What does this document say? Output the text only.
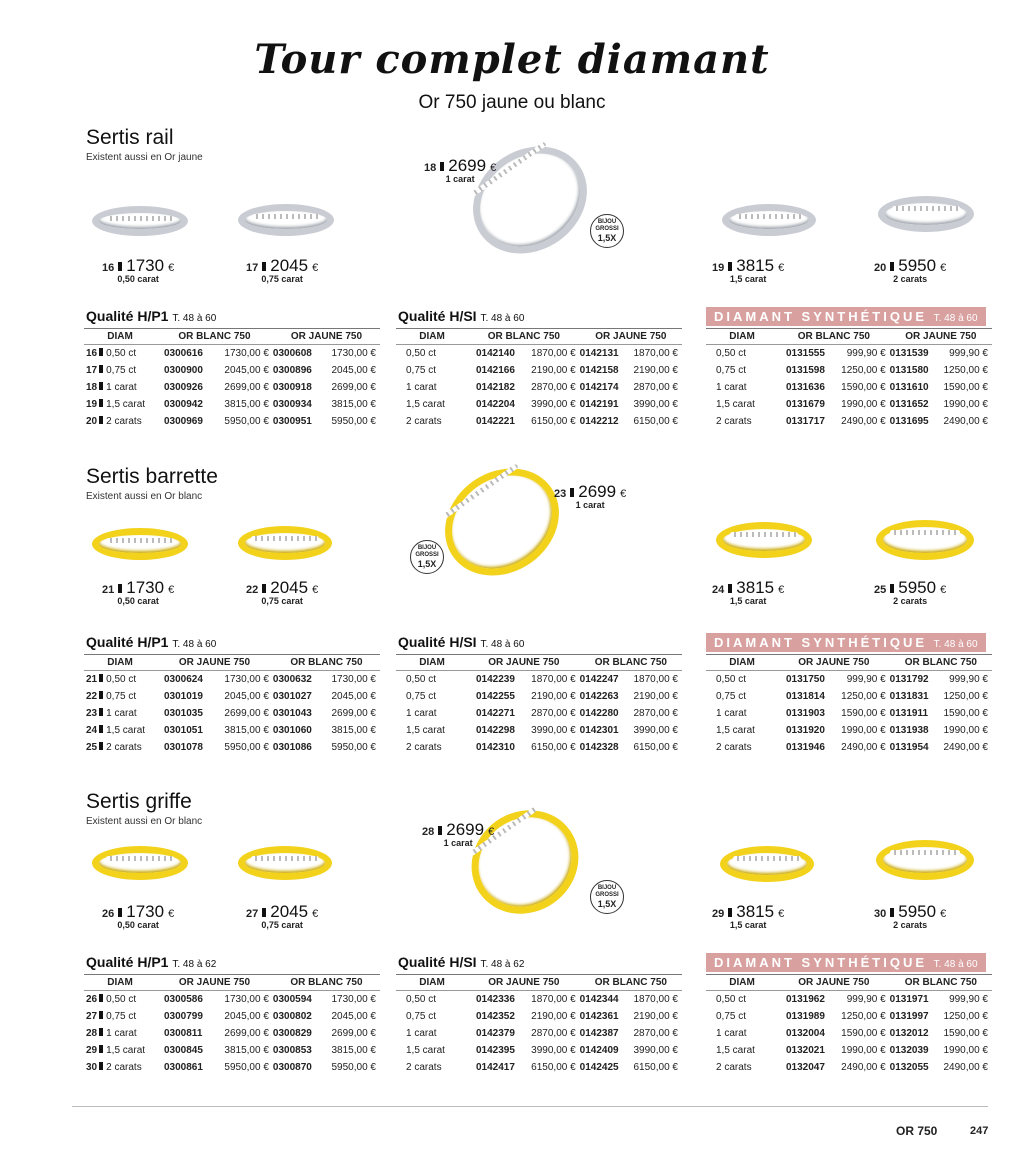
Tour complet diamant
Or 750 jaune ou blanc
Sertis rail
Existent aussi en Or jaune
16 1730 €
0,50 carat
17 2045 €
0,75 carat
18 2699 €
1 carat
19 3815 €
1,5 carat
20 5950 €
2 carats
BIJOU
GROSSI
1,5X
Qualité H/P1 T. 48 à 60
DIAM	OR BLANC 750		OR JAUNE 750	
16 0,50 ct	0300616	1730,00 €	0300608	1730,00 €
17 0,75 ct	0300900	2045,00 €	0300896	2045,00 €
18 1 carat	0300926	2699,00 €	0300918	2699,00 €
19 1,5 carat	0300942	3815,00 €	0300934	3815,00 €
20 2 carats	0300969	5950,00 €	0300951	5950,00 €
Qualité H/SI T. 48 à 60
DIAM	OR BLANC 750		OR JAUNE 750	
0,50 ct	0142140	1870,00 €	0142131	1870,00 €
0,75 ct	0142166	2190,00 €	0142158	2190,00 €
1 carat	0142182	2870,00 €	0142174	2870,00 €
1,5 carat	0142204	3990,00 €	0142191	3990,00 €
2 carats	0142221	6150,00 €	0142212	6150,00 €
DIAMANT SYNTHÉTIQUE T. 48 à 60
DIAM	OR BLANC 750		OR JAUNE 750	
0,50 ct	0131555	999,90 €	0131539	999,90 €
0,75 ct	0131598	1250,00 €	0131580	1250,00 €
1 carat	0131636	1590,00 €	0131610	1590,00 €
1,5 carat	0131679	1990,00 €	0131652	1990,00 €
2 carats	0131717	2490,00 €	0131695	2490,00 €
Sertis barrette
Existent aussi en Or blanc
21 1730 €
0,50 carat
22 2045 €
0,75 carat
23 2699 €
1 carat
24 3815 €
1,5 carat
25 5950 €
2 carats
BIJOU
GROSSI
1,5X
Qualité H/P1 T. 48 à 60
DIAM	OR JAUNE 750		OR BLANC 750	
21 0,50 ct	0300624	1730,00 €	0300632	1730,00 €
22 0,75 ct	0301019	2045,00 €	0301027	2045,00 €
23 1 carat	0301035	2699,00 €	0301043	2699,00 €
24 1,5 carat	0301051	3815,00 €	0301060	3815,00 €
25 2 carats	0301078	5950,00 €	0301086	5950,00 €
Qualité H/SI T. 48 à 60
DIAM	OR JAUNE 750		OR BLANC 750	
0,50 ct	0142239	1870,00 €	0142247	1870,00 €
0,75 ct	0142255	2190,00 €	0142263	2190,00 €
1 carat	0142271	2870,00 €	0142280	2870,00 €
1,5 carat	0142298	3990,00 €	0142301	3990,00 €
2 carats	0142310	6150,00 €	0142328	6150,00 €
DIAMANT SYNTHÉTIQUE T. 48 à 60
DIAM	OR JAUNE 750		OR BLANC 750	
0,50 ct	0131750	999,90 €	0131792	999,90 €
0,75 ct	0131814	1250,00 €	0131831	1250,00 €
1 carat	0131903	1590,00 €	0131911	1590,00 €
1,5 carat	0131920	1990,00 €	0131938	1990,00 €
2 carats	0131946	2490,00 €	0131954	2490,00 €
Sertis griffe
Existent aussi en Or blanc
26 1730 €
0,50 carat
27 2045 €
0,75 carat
28 2699 €
1 carat
29 3815 €
1,5 carat
30 5950 €
2 carats
BIJOU
GROSSI
1,5X
Qualité H/P1 T. 48 à 62
DIAM	OR JAUNE 750		OR BLANC 750	
26 0,50 ct	0300586	1730,00 €	0300594	1730,00 €
27 0,75 ct	0300799	2045,00 €	0300802	2045,00 €
28 1 carat	0300811	2699,00 €	0300829	2699,00 €
29 1,5 carat	0300845	3815,00 €	0300853	3815,00 €
30 2 carats	0300861	5950,00 €	0300870	5950,00 €
Qualité H/SI T. 48 à 62
DIAM	OR JAUNE 750		OR BLANC 750	
0,50 ct	0142336	1870,00 €	0142344	1870,00 €
0,75 ct	0142352	2190,00 €	0142361	2190,00 €
1 carat	0142379	2870,00 €	0142387	2870,00 €
1,5 carat	0142395	3990,00 €	0142409	3990,00 €
2 carats	0142417	6150,00 €	0142425	6150,00 €
DIAMANT SYNTHÉTIQUE T. 48 à 60
DIAM	OR JAUNE 750		OR BLANC 750	
0,50 ct	0131962	999,90 €	0131971	999,90 €
0,75 ct	0131989	1250,00 €	0131997	1250,00 €
1 carat	0132004	1590,00 €	0132012	1590,00 €
1,5 carat	0132021	1990,00 €	0132039	1990,00 €
2 carats	0132047	2490,00 €	0132055	2490,00 €
OR 750	247
